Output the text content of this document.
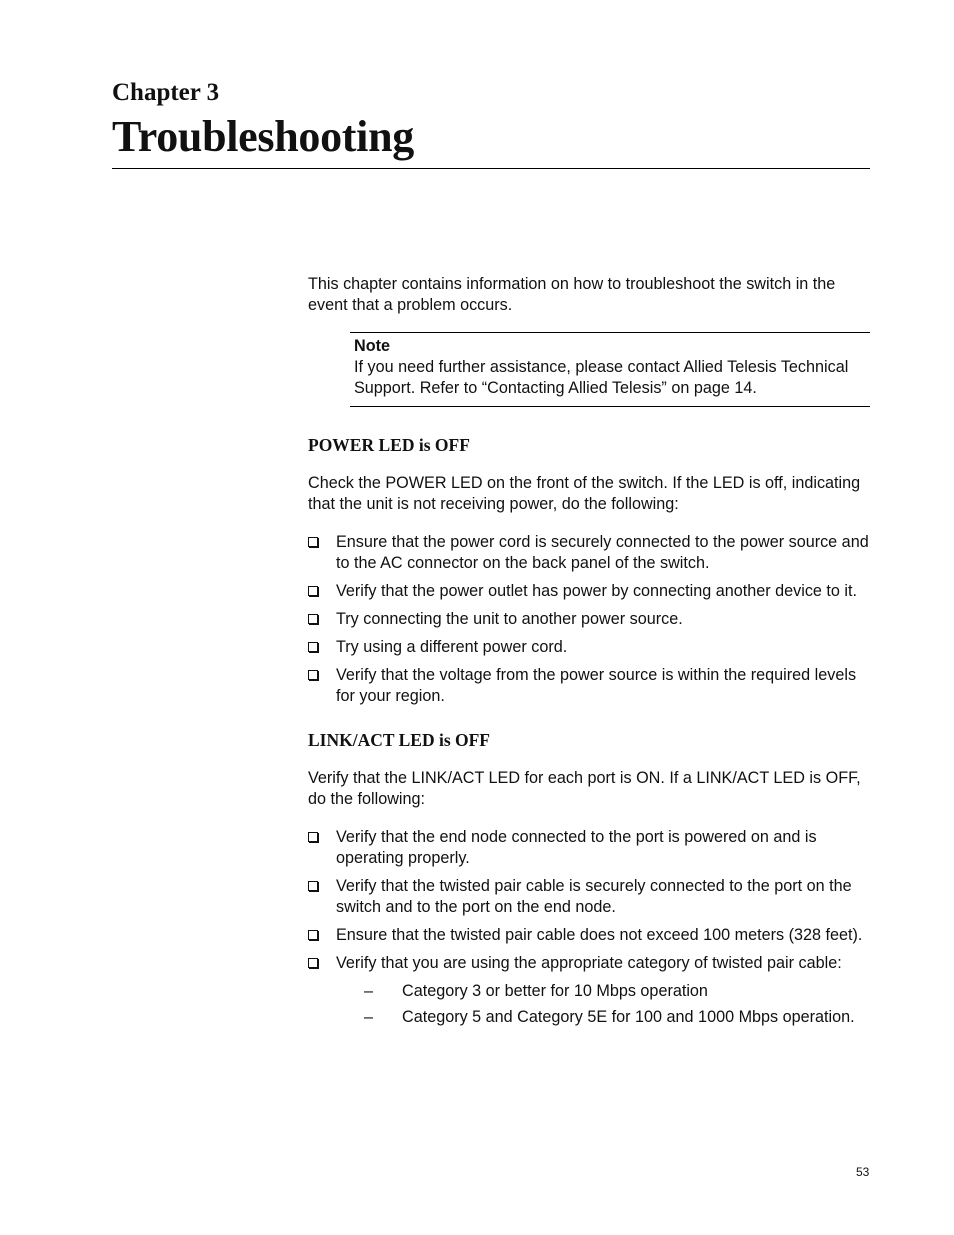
Chapter 3
Troubleshooting

This chapter contains information on how to troubleshoot the switch in the event that a problem occurs.

Note
If you need further assistance, please contact Allied Telesis Technical Support. Refer to “Contacting Allied Telesis” on page 14.
POWER LED is OFF

Check the POWER LED on the front of the switch. If the LED is off, indicating that the unit is not receiving power, do the following:

Ensure that the power cord is securely connected to the power source and to the AC connector on the back panel of the switch.
Verify that the power outlet has power by connecting another device to it.
Try connecting the unit to another power source.
Try using a different power cord.
Verify that the voltage from the power source is within the required levels for your region.
LINK/ACT LED is OFF

Verify that the LINK/ACT LED for each port is ON. If a LINK/ACT LED is OFF, do the following:

Verify that the end node connected to the port is powered on and is operating properly.
Verify that the twisted pair cable is securely connected to the port on the switch and to the port on the end node.
Ensure that the twisted pair cable does not exceed 100 meters (328 feet).
Verify that you are using the appropriate category of twisted pair cable:
– Category 3 or better for 10 Mbps operation
– Category 5 and Category 5E for 100 and 1000 Mbps operation.
53
